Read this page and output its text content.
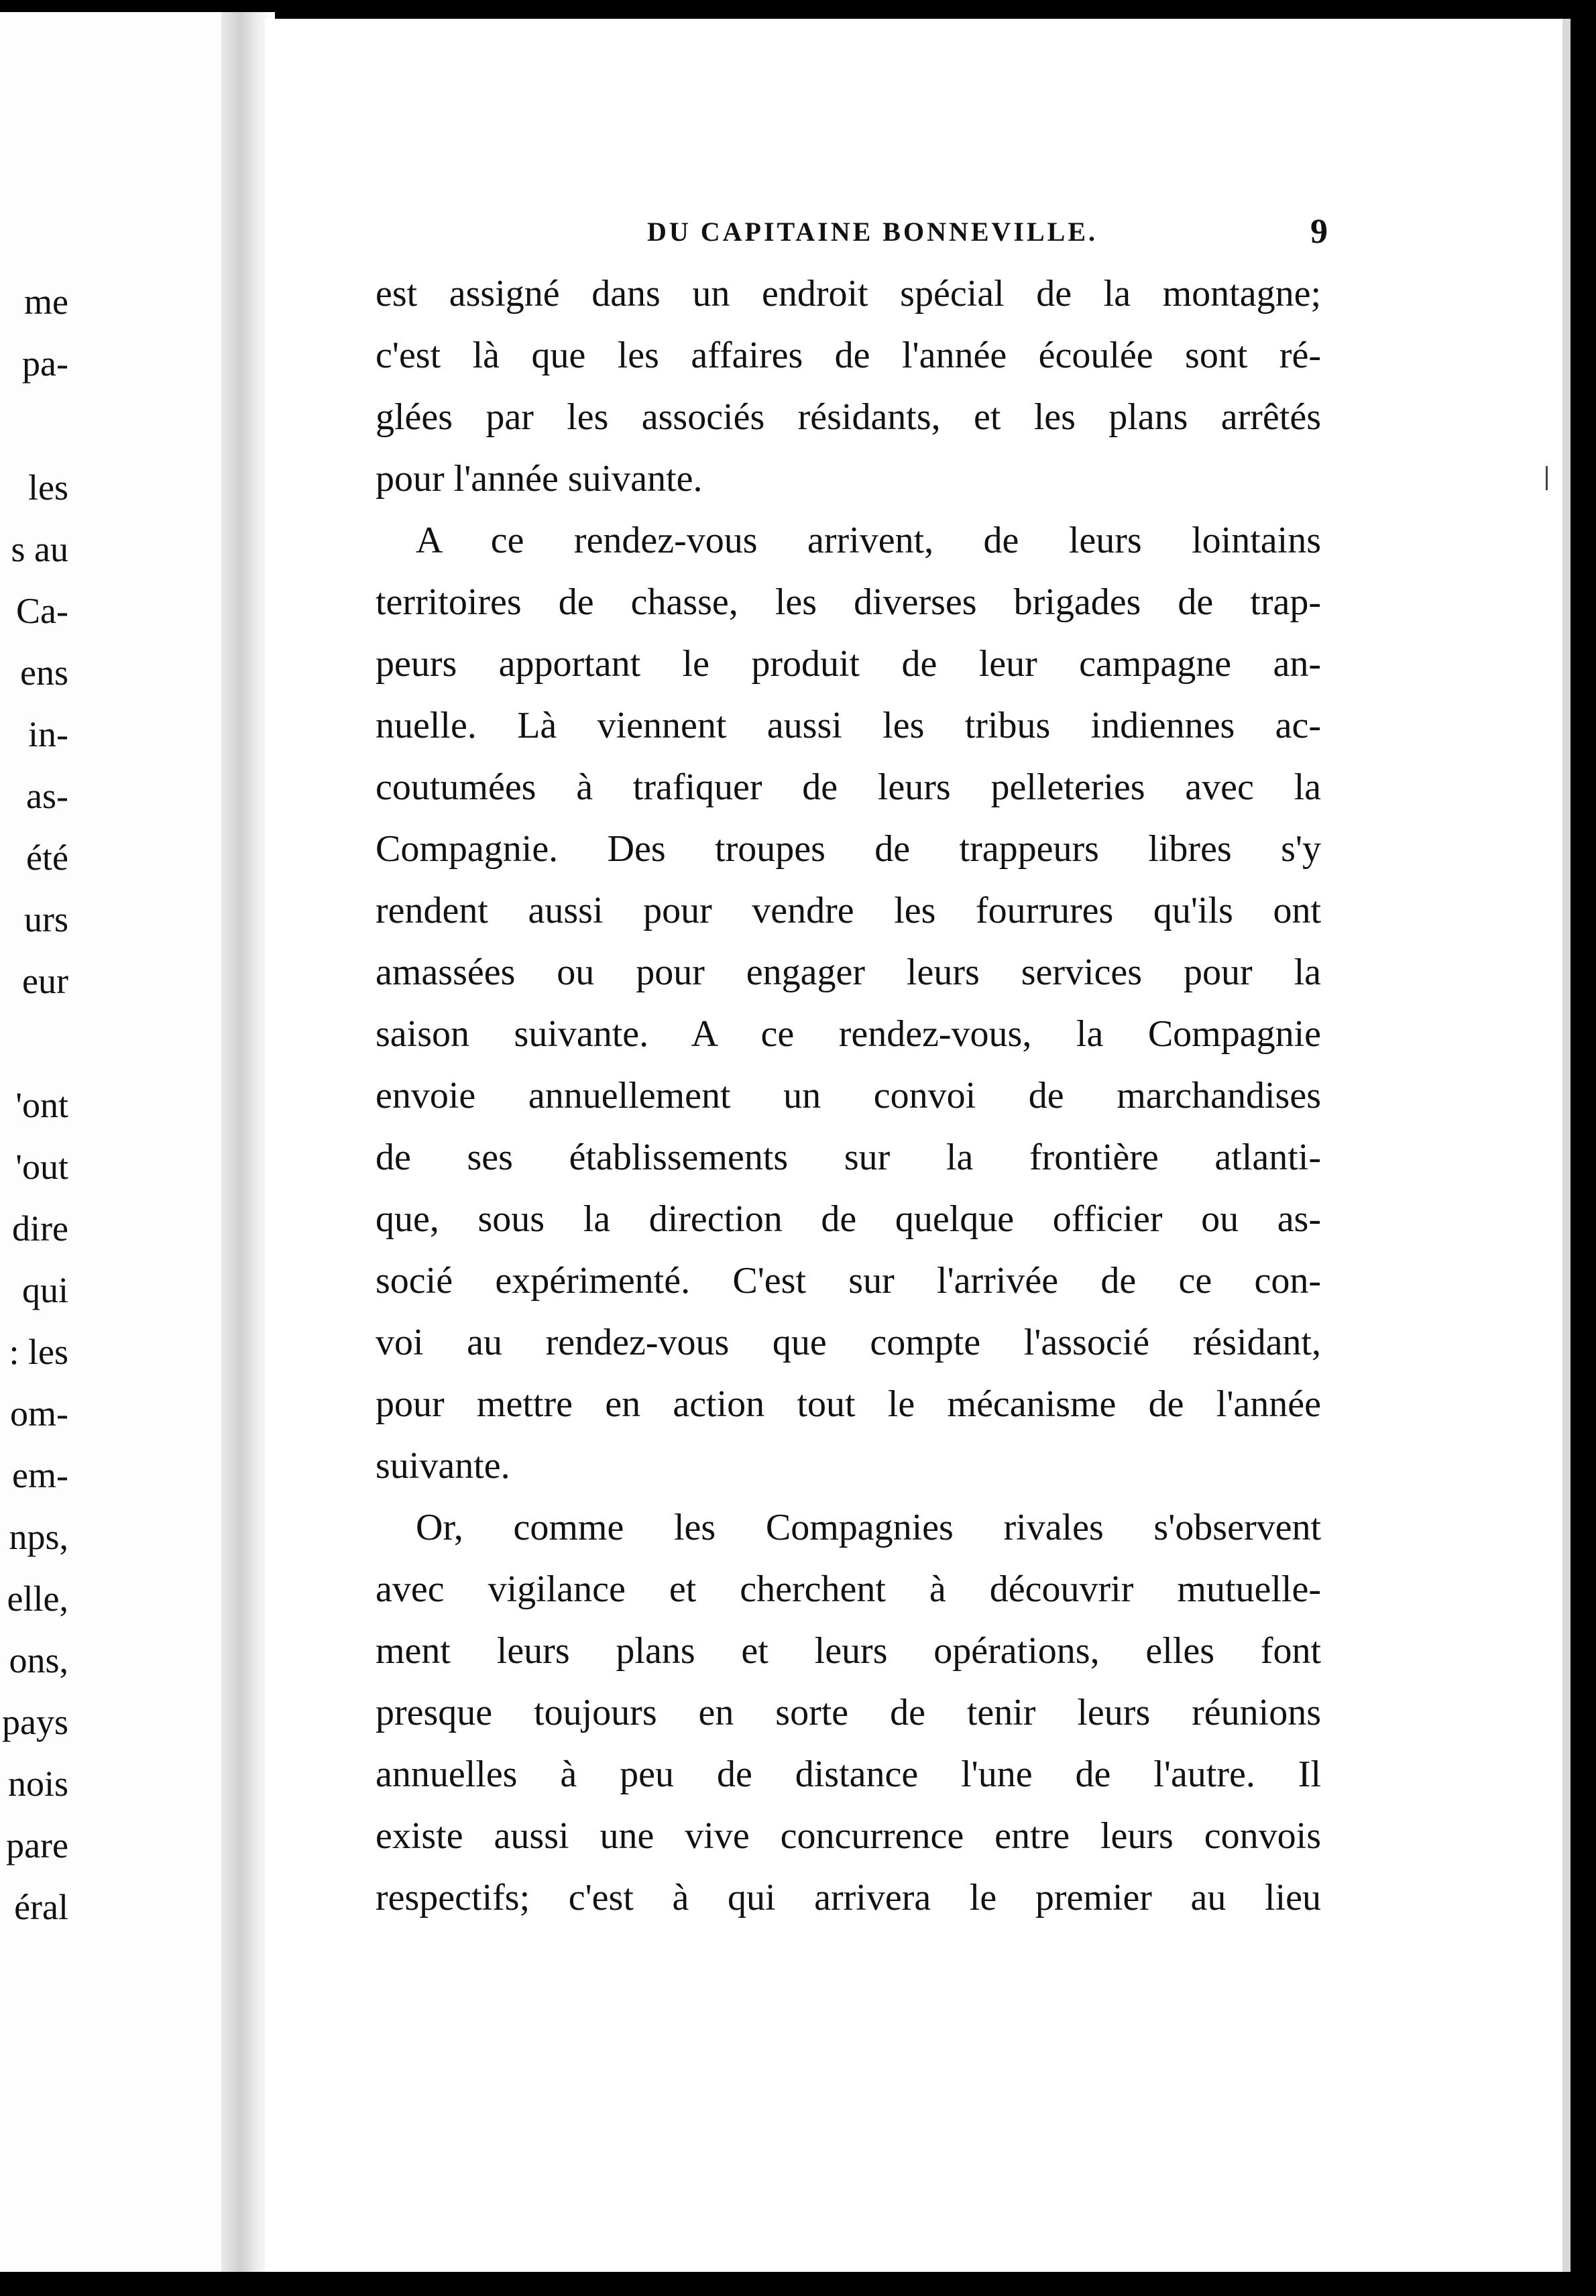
me
pa-
les
s au
Ca-
ens
in-
as-
été
urs
eur
'ont
'out
dire
qui
: les
om-
em-
nps,
elle,
ons,
pays
nois
pare
éral
DU CAPITAINE BONNEVILLE.	9
est assigné dans un endroit spécial de la montagne;
c'est là que les affaires de l'année écoulée sont ré-
glées par les associés résidants, et les plans arrêtés
pour l'année suivante.
A ce rendez-vous arrivent, de leurs lointains
territoires de chasse, les diverses brigades de trap-
peurs apportant le produit de leur campagne an-
nuelle. Là viennent aussi les tribus indiennes ac-
coutumées à trafiquer de leurs pelleteries avec la
Compagnie. Des troupes de trappeurs libres s'y
rendent aussi pour vendre les fourrures qu'ils ont
amassées ou pour engager leurs services pour la
saison suivante. A ce rendez-vous, la Compagnie
envoie annuellement un convoi de marchandises
de ses établissements sur la frontière atlanti-
que, sous la direction de quelque officier ou as-
socié expérimenté. C'est sur l'arrivée de ce con-
voi au rendez-vous que compte l'associé résidant,
pour mettre en action tout le mécanisme de l'année
suivante.
Or, comme les Compagnies rivales s'observent
avec vigilance et cherchent à découvrir mutuelle-
ment leurs plans et leurs opérations, elles font
presque toujours en sorte de tenir leurs réunions
annuelles à peu de distance l'une de l'autre. Il
existe aussi une vive concurrence entre leurs convois
respectifs; c'est à qui arrivera le premier au lieu
